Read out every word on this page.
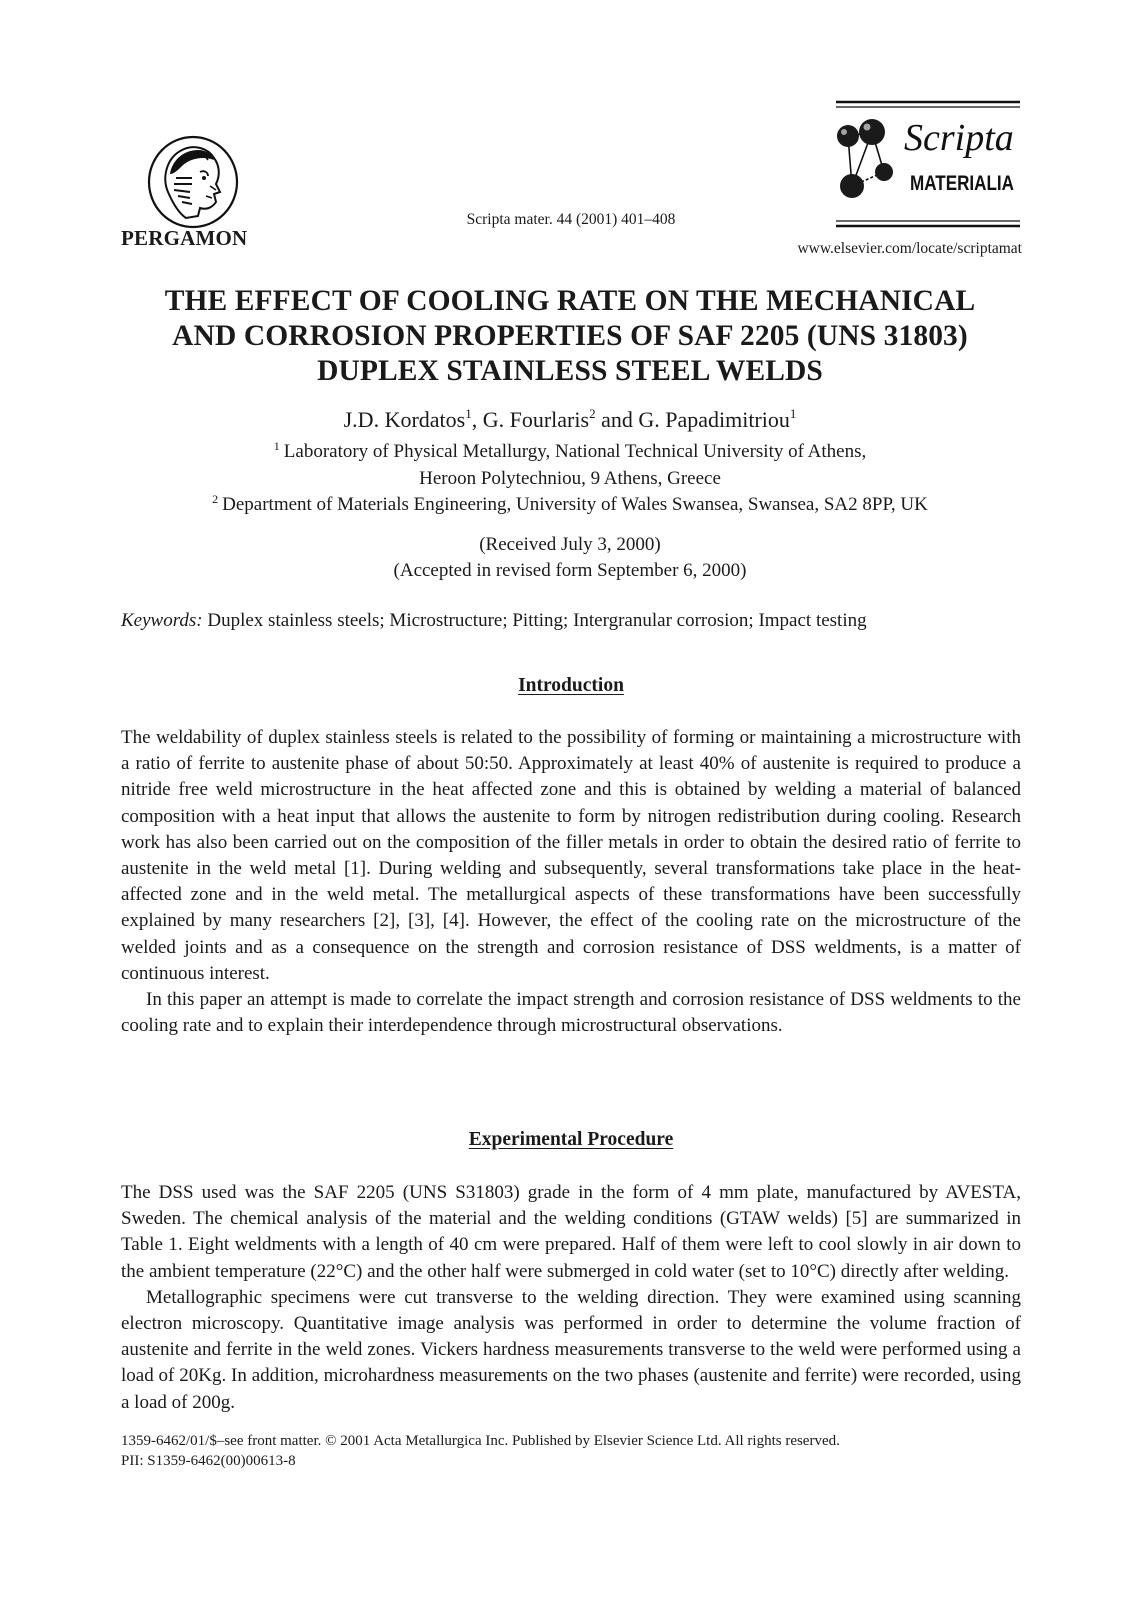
PERGAMON
Scripta mater. 44 (2001) 401–408
Scripta
MATERIALIA
www.elsevier.com/locate/scriptamat
THE EFFECT OF COOLING RATE ON THE MECHANICAL
AND CORROSION PROPERTIES OF SAF 2205 (UNS 31803)
DUPLEX STAINLESS STEEL WELDS
J.D. Kordatos$^1$, G. Fourlaris$^2$ and G. Papadimitriou$^1$
$^1$ Laboratory of Physical Metallurgy, National Technical University of Athens,
Heroon Polytechniou, 9 Athens, Greece
$^2$ Department of Materials Engineering, University of Wales Swansea, Swansea, SA2 8PP, UK
(Received July 3, 2000)
(Accepted in revised form September 6, 2000)
Keywords: Duplex stainless steels; Microstructure; Pitting; Intergranular corrosion; Impact testing
Introduction

The weldability of duplex stainless steels is related to the possibility of forming or maintaining a microstructure with a ratio of ferrite to austenite phase of about 50:50. Approximately at least 40% of austenite is required to produce a nitride free weld microstructure in the heat affected zone and this is obtained by welding a material of balanced composition with a heat input that allows the austenite to form by nitrogen redistribution during cooling. Research work has also been carried out on the composition of the filler metals in order to obtain the desired ratio of ferrite to austenite in the weld metal [1]. During welding and subsequently, several transformations take place in the heat-affected zone and in the weld metal. The metallurgical aspects of these transformations have been successfully explained by many researchers [2], [3], [4]. However, the effect of the cooling rate on the microstructure of the welded joints and as a consequence on the strength and corrosion resistance of DSS weldments, is a matter of continuous interest.

In this paper an attempt is made to correlate the impact strength and corrosion resistance of DSS weldments to the cooling rate and to explain their interdependence through microstructural observations.

Experimental Procedure

The DSS used was the SAF 2205 (UNS S31803) grade in the form of 4 mm plate, manufactured by AVESTA, Sweden. The chemical analysis of the material and the welding conditions (GTAW welds) [5] are summarized in Table 1. Eight weldments with a length of 40 cm were prepared. Half of them were left to cool slowly in air down to the ambient temperature (22°C) and the other half were submerged in cold water (set to 10°C) directly after welding.

Metallographic specimens were cut transverse to the welding direction. They were examined using scanning electron microscopy. Quantitative image analysis was performed in order to determine the volume fraction of austenite and ferrite in the weld zones. Vickers hardness measurements transverse to the weld were performed using a load of 20Kg. In addition, microhardness measurements on the two phases (austenite and ferrite) were recorded, using a load of 200g.

1359-6462/01/$–see front matter. © 2001 Acta Metallurgica Inc. Published by Elsevier Science Ltd. All rights reserved.
PII: S1359-6462(00)00613-8
